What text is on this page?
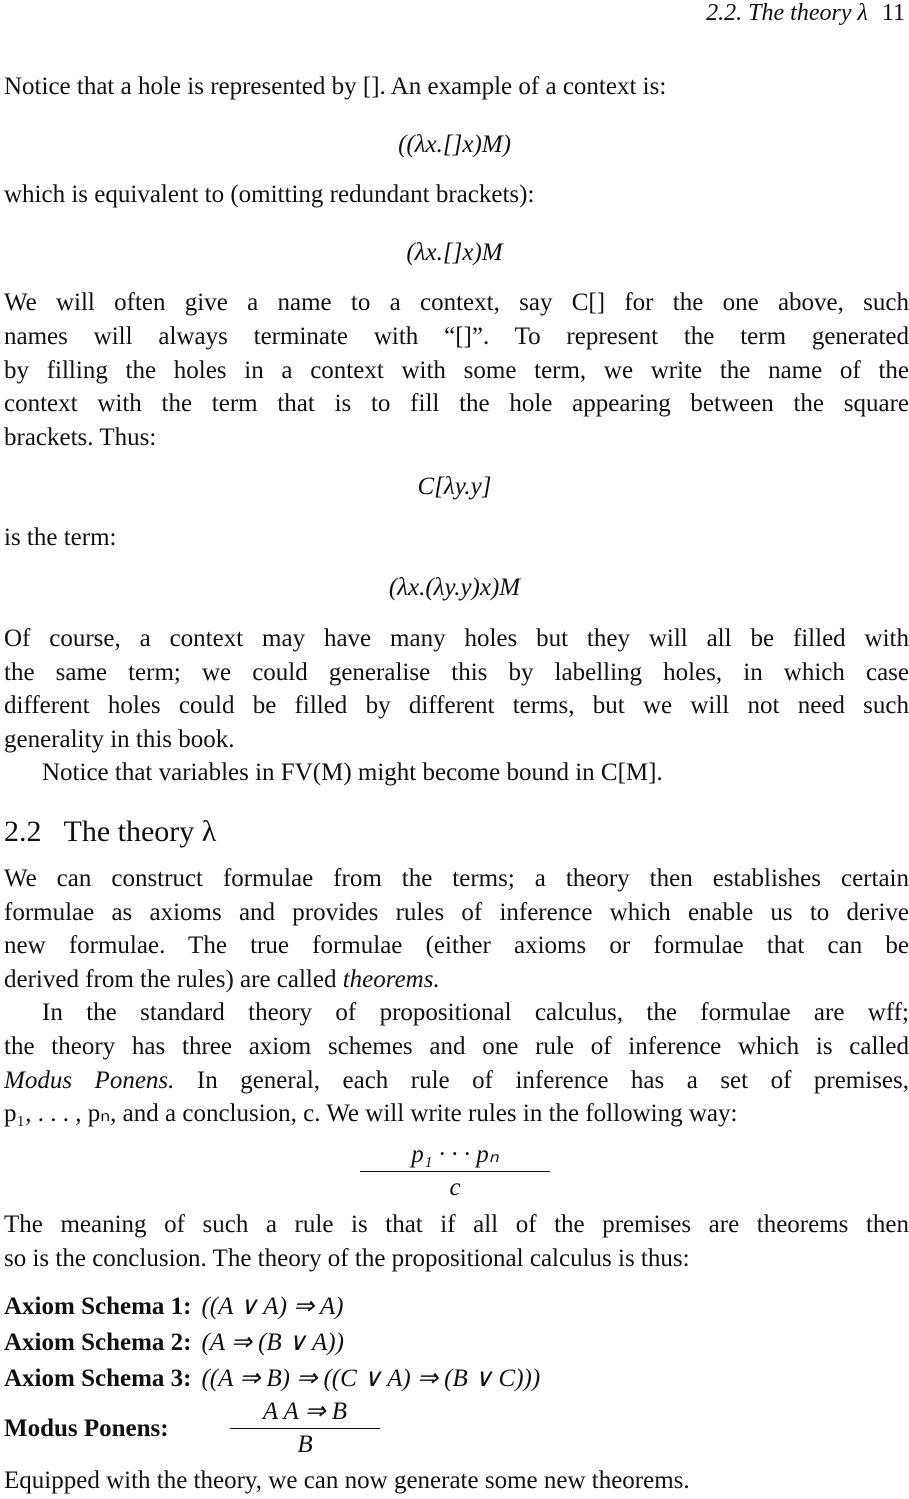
2.2. The theory λ 11
Notice that a hole is represented by []. An example of a context is:
((λx.[]x)M)
which is equivalent to (omitting redundant brackets):
(λx.[]x)M
We will often give a name to a context, say C[] for the one above, such
names will always terminate with “[]”. To represent the term generated
by filling the holes in a context with some term, we write the name of the
context with the term that is to fill the hole appearing between the square
brackets. Thus:
C[λy.y]
is the term:
(λx.(λy.y)x)M
Of course, a context may have many holes but they will all be filled with
the same term; we could generalise this by labelling holes, in which case
different holes could be filled by different terms, but we will not need such
generality in this book.
Notice that variables in FV(M) might become bound in C[M].
2.2 The theory λ
We can construct formulae from the terms; a theory then establishes certain
formulae as axioms and provides rules of inference which enable us to derive
new formulae. The true formulae (either axioms or formulae that can be
derived from the rules) are called theorems.
In the standard theory of propositional calculus, the formulae are wff;
the theory has three axiom schemes and one rule of inference which is called
Modus Ponens. In general, each rule of inference has a set of premises,
p₁, . . . , pₙ, and a conclusion, c. We will write rules in the following way:
$\frac{\text{p₁ · · · pₙ}}{c}$
The meaning of such a rule is that if all of the premises are theorems then
so is the conclusion. The theory of the propositional calculus is thus:
Axiom Schema 1: ((A ∨ A) ⇒ A)
Axiom Schema 2: (A ⇒ (B ∨ A))
Axiom Schema 3: ((A ⇒ B) ⇒ ((C ∨ A) ⇒ (B ∨ C)))
Modus Ponens:	$\frac{\text{A A ⇒ B}}{B}$
Equipped with the theory, we can now generate some new theorems.
